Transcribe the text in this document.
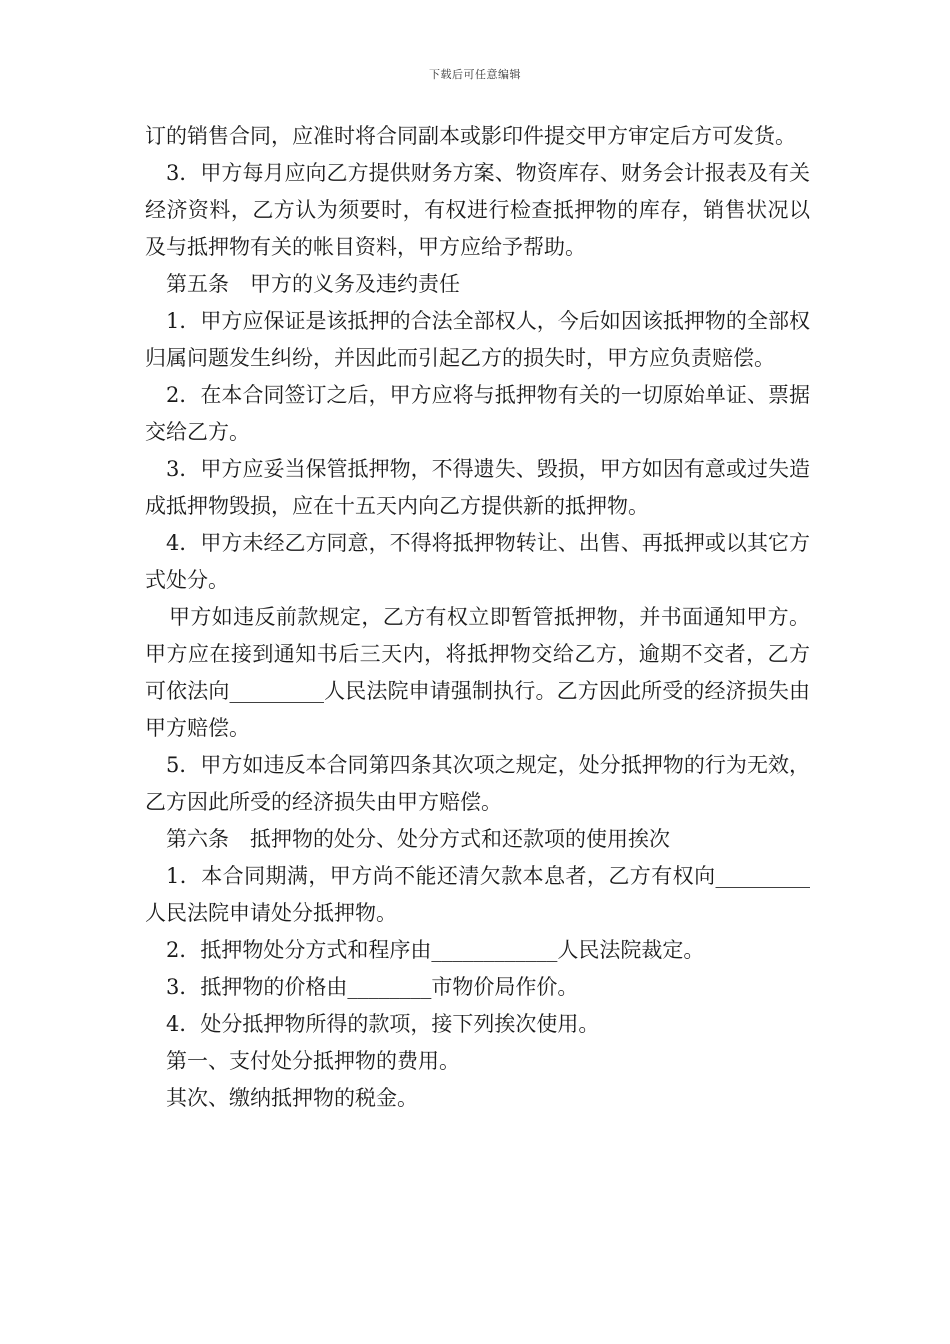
下载后可任意编辑

订的销售合同，应准时将合同副本或影印件提交甲方审定后方可发货。

3．甲方每月应向乙方提供财务方案、物资库存、财务会计报表及有关经济资料，乙方认为须要时，有权进行检查抵押物的库存，销售状况以及与抵押物有关的帐目资料，甲方应给予帮助。

第五条　甲方的义务及违约责任

1．甲方应保证是该抵押的合法全部权人，今后如因该抵押物的全部权归属问题发生纠纷，并因此而引起乙方的损失时，甲方应负责赔偿。

2．在本合同签订之后，甲方应将与抵押物有关的一切原始单证、票据交给乙方。

3．甲方应妥当保管抵押物，不得遗失、毁损，甲方如因有意或过失造成抵押物毁损，应在十五天内向乙方提供新的抵押物。

4．甲方未经乙方同意，不得将抵押物转让、出售、再抵押或以其它方式处分。

甲方如违反前款规定，乙方有权立即暂管抵押物，并书面通知甲方。甲方应在接到通知书后三天内，将抵押物交给乙方，逾期不交者，乙方可依法向_________人民法院申请强制执行。乙方因此所受的经济损失由甲方赔偿。

5．甲方如违反本合同第四条其次项之规定，处分抵押物的行为无效，乙方因此所受的经济损失由甲方赔偿。

第六条　抵押物的处分、处分方式和还款项的使用挨次

1．本合同期满，甲方尚不能还清欠款本息者，乙方有权向_________人民法院申请处分抵押物。

2．抵押物处分方式和程序由____________人民法院裁定。

3．抵押物的价格由________市物价局作价。

4．处分抵押物所得的款项，接下列挨次使用。

第一、支付处分抵押物的费用。

其次、缴纳抵押物的税金。
